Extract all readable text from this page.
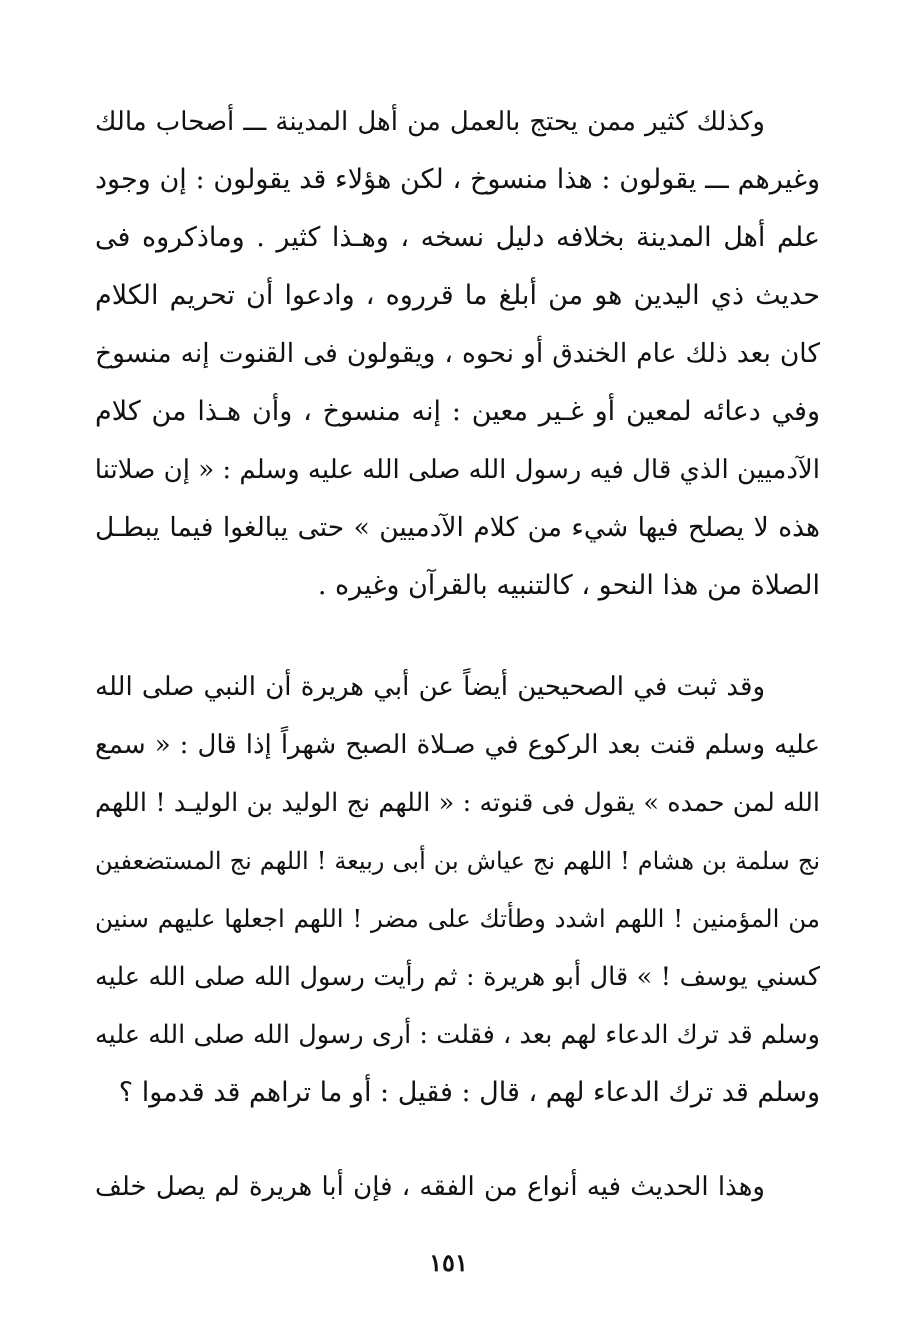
وكذلك كثير ممن يحتج بالعمل من أهل المدينة ـــ أصحاب مالك
وغيرهم ـــ يقولون : هذا منسوخ ، لكن هؤلاء قد يقولون : إن وجود
علم أهل المدينة بخلافه دليل نسخه ، وهـذا كثير . وماذكروه فى
حديث ذي اليدين هو من أبلغ ما قرروه ، وادعوا أن تحريم الكلام
كان بعد ذلك عام الخندق أو نحوه ، ويقولون فى القنوت إنه منسوخ
وفي دعائه لمعين أو غـير معين : إنه منسوخ ، وأن هـذا من كلام
الآدميين الذي قال فيه رسول الله صلى الله عليه وسلم : « إن صلاتنا
هذه لا يصلح فيها شيء من كلام الآدميين » حتى يبالغوا فيما يبطـل
الصلاة من هذا النحو ، كالتنبيه بالقرآن وغيره .
وقد ثبت في الصحيحين أيضاً عن أبي هريرة أن النبي صلى الله
عليه وسلم قنت بعد الركوع في صـلاة الصبح شهراً إذا قال : « سمع
الله لمن حمده » يقول فى قنوته : « اللهم نج الوليد بن الوليـد ! اللهم
نج سلمة بن هشام ! اللهم نج عياش بن أبى ربيعة ! اللهم نج المستضعفين
من المؤمنين ! اللهم اشدد وطأتك على مضر ! اللهم اجعلها عليهم سنين
كسني يوسف ! » قال أبو هريرة : ثم رأيت رسول الله صلى الله عليه
وسلم قد ترك الدعاء لهم بعد ، فقلت : أرى رسول الله صلى الله عليه
وسلم قد ترك الدعاء لهم ، قال : فقيل : أو ما تراهم قد قدموا ؟
وهذا الحديث فيه أنواع من الفقه ، فإن أبا هريرة لم يصل خلف
١٥١
